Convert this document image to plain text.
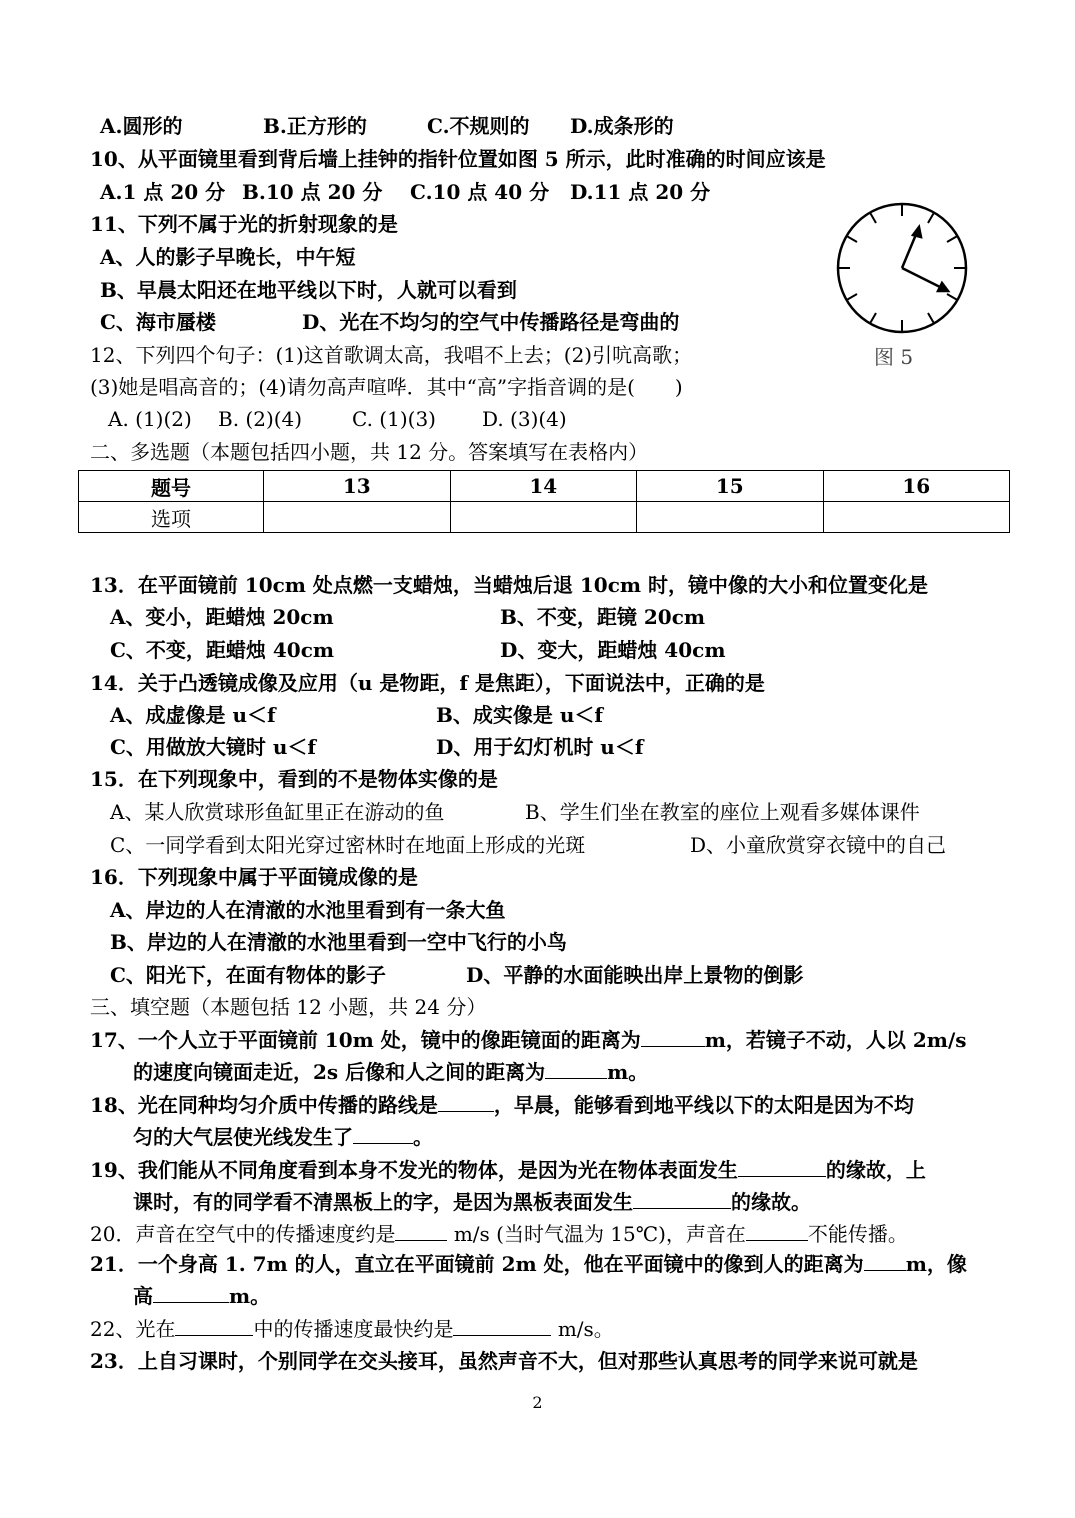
A.圆形的	B.正方形的	C.不规则的 D.成条形的
10、从平面镜里看到背后墙上挂钟的指针位置如图 5 所示，此时准确的时间应该是
A.1 点 20 分 B.10 点 20 分 C.10 点 40 分 D.11 点 20 分
11、下列不属于光的折射现象的是
A、人的影子早晚长，中午短
B、早晨太阳还在地平线以下时，人就可以看到
C、海市蜃楼	D、光在不均匀的空气中传播路径是弯曲的
图 5
12、下列四个句子：(1)这首歌调太高，我唱不上去；(2)引吭高歌；
(3)她是唱高音的；(4)请勿高声喧哗．其中“高”字指音调的是(　　)
A. (1)(2) B. (2)(4) C. (1)(3) D. (3)(4)
二、多选题（本题包括四小题，共 12 分。答案填写在表格内）
题号	13	14	15	16
选项				
13．在平面镜前 10cm 处点燃一支蜡烛，当蜡烛后退 10cm 时，镜中像的大小和位置变化是
A、变小，距蜡烛 20cm	B、不变，距镜 20cm
C、不变，距蜡烛 40cm	D、变大，距蜡烛 40cm
14．关于凸透镜成像及应用（u 是物距，f 是焦距），下面说法中，正确的是
A、成虚像是 u＜f	B、成实像是 u＜f
C、用做放大镜时 u＜f	D、用于幻灯机时 u＜f
15．在下列现象中，看到的不是物体实像的是
A、某人欣赏球形鱼缸里正在游动的鱼	B、学生们坐在教室的座位上观看多媒体课件
C、一同学看到太阳光穿过密林时在地面上形成的光斑	D、小童欣赏穿衣镜中的自己
16．下列现象中属于平面镜成像的是
A、岸边的人在清澈的水池里看到有一条大鱼
B、岸边的人在清澈的水池里看到一空中飞行的小鸟
C、阳光下，在面有物体的影子	D、平静的水面能映出岸上景物的倒影
三、填空题（本题包括 12 小题，共 24 分）
17、一个人立于平面镜前 10m 处，镜中的像距镜面的距离为	m，若镜子不动，人以 2m/s
的速度向镜面走近，2s 后像和人之间的距离为	m。
18、光在同种均匀介质中传播的路线是	，早晨，能够看到地平线以下的太阳是因为不均
匀的大气层使光线发生了	。
19、我们能从不同角度看到本身不发光的物体，是因为光在物体表面发生	的缘故，上
课时，有的同学看不清黑板上的字，是因为黑板表面发生	的缘故。
20．声音在空气中的传播速度约是	m/s (当时气温为 15℃)，声音在	不能传播。
21．一个身高 1. 7m 的人，直立在平面镜前 2m 处，他在平面镜中的像到人的距离为 m，像
高	m。
22、光在	中的传播速度最快约是	m/s。
23．上自习课时，个别同学在交头接耳，虽然声音不大，但对那些认真思考的同学来说可就是
2
